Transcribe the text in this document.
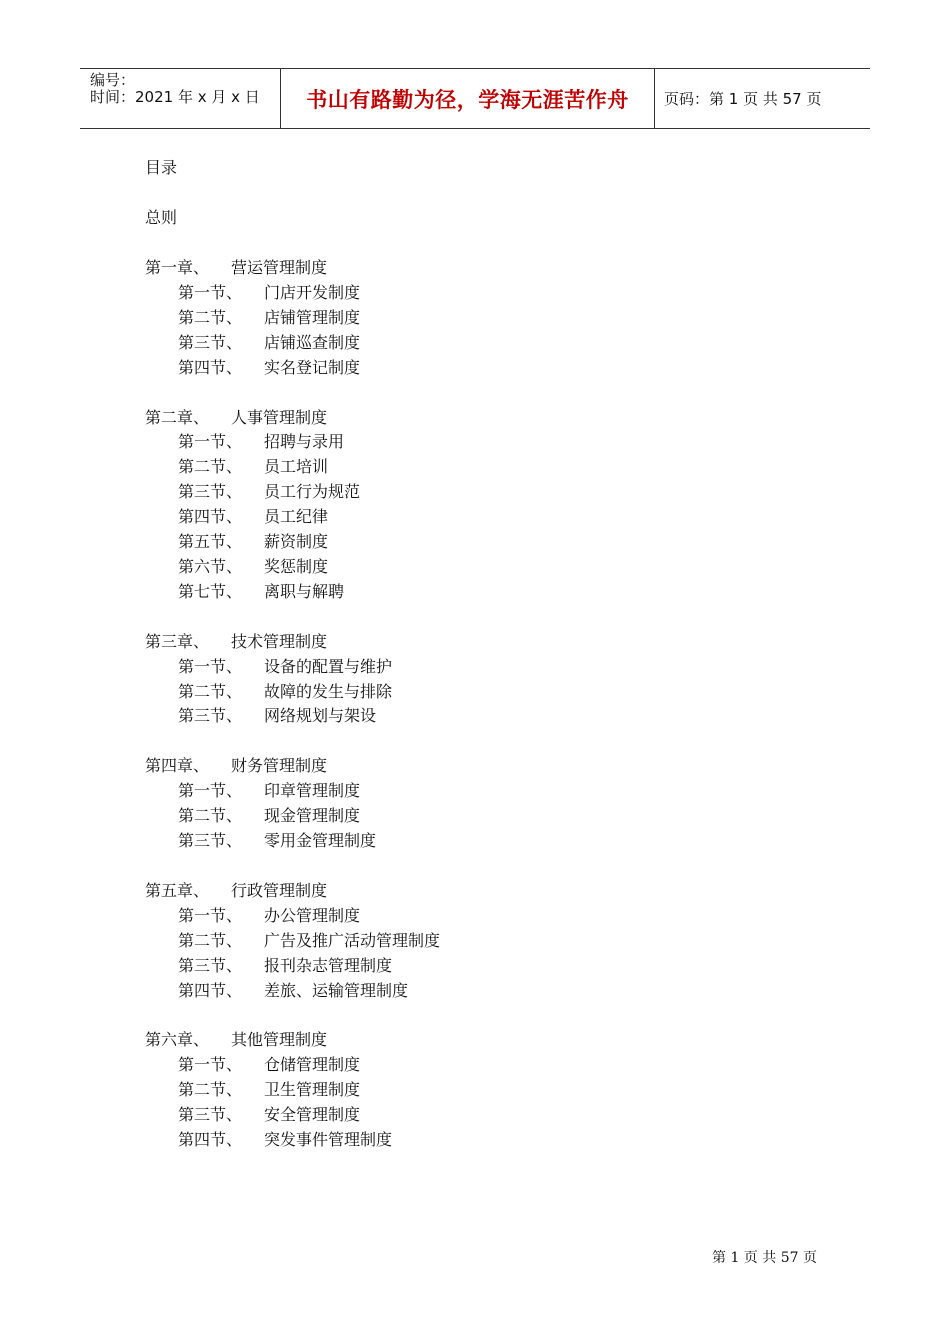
编号：
时间：2021 年 x 月 x 日	书山有路勤为径，学海无涯苦作舟	页码：第 1 页 共 57 页
目录
总则
第一章、 营运管理制度
第一节、 门店开发制度
第二节、 店铺管理制度
第三节、 店铺巡查制度
第四节、 实名登记制度
第二章、 人事管理制度
第一节、 招聘与录用
第二节、 员工培训
第三节、 员工行为规范
第四节、 员工纪律
第五节、 薪资制度
第六节、 奖惩制度
第七节、 离职与解聘
第三章、 技术管理制度
第一节、 设备的配置与维护
第二节、 故障的发生与排除
第三节、 网络规划与架设
第四章、 财务管理制度
第一节、 印章管理制度
第二节、 现金管理制度
第三节、 零用金管理制度
第五章、 行政管理制度
第一节、 办公管理制度
第二节、 广告及推广活动管理制度
第三节、 报刊杂志管理制度
第四节、 差旅、运输管理制度
第六章、 其他管理制度
第一节、 仓储管理制度
第二节、 卫生管理制度
第三节、 安全管理制度
第四节、 突发事件管理制度
第 1 页 共 57 页
